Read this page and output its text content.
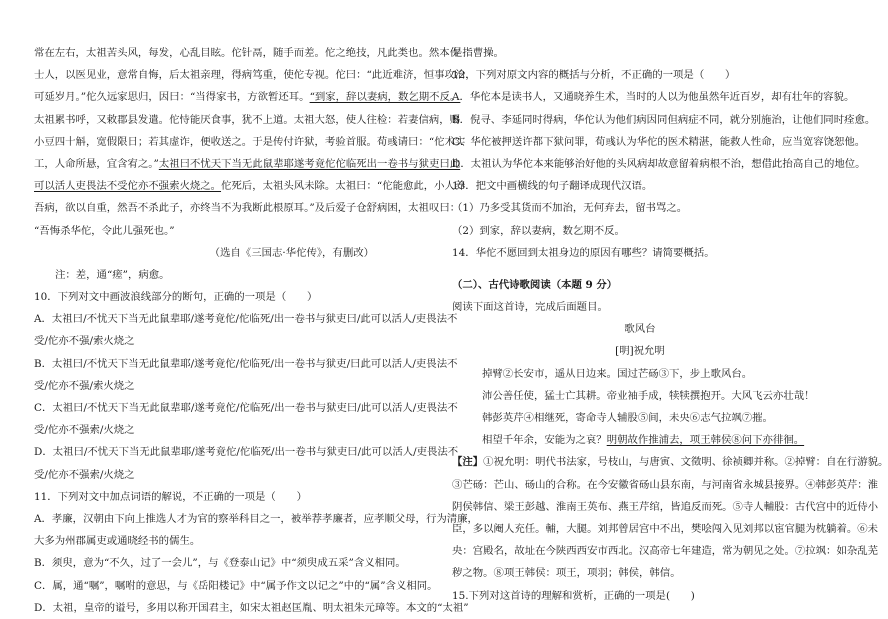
常在左右，太祖苦头风，每发，心乱目眩。佗针鬲，随手而差。佗之绝技，凡此类也。然本作
士人，以医见业，意常自悔，后太祖亲理，得病笃重，使佗专视。佗曰：“此近难济，恒事攻治，
可延岁月。”佗久远家思归，因曰：“当得家书，方欲暂还耳。“到家，辞以妻病，数乞期不反。
太祖累书呼，又敕郡县发遣。佗恃能厌食事，犹不上道。太祖大怒，使人往检：若妻信病，赐
小豆四十斛，宽假限日；若其虚诈，便收送之。于是传付许狱，考验首服。荀彧请曰：“佗术实
工，人命所悬，宜含宥之。”太祖曰不忧天下当无此鼠辈耶遂考竟佗佗临死出一卷书与狱吏曰此
可以活人吏畏法不受佗亦不强索火烧之。佗死后，太祖头风未除。太祖曰：“佗能愈此，小人养
吾病，欲以自重，然吾不杀此子，亦终当不为我断此根原耳。”及后爱子仓舒病困，太祖叹曰：
“吾悔杀华佗，令此儿强死也。”
（选自《三国志·华佗传》，有删改）
注：差，通“瘥”，病愈。
10．下列对文中画波浪线部分的断句，正确的一项是（　　）
A．太祖曰/不忧天下当无此鼠辈耶/遂考竟佗/佗临死/出一卷书与狱吏曰/此可以活人/吏畏法不
受/佗亦不强/索火烧之
B．太祖曰/不忧天下当无此鼠辈耶/遂考竟佗/佗临死/出一卷书与狱吏/曰此可以活人/吏畏法不
受/佗亦不强/索火烧之
C．太祖曰/不忧天下当无此鼠辈耶/遂考竟佗/佗临死/出一卷书与狱吏曰/此可以活人/吏畏法不
受/佗亦不强索/火烧之
D．太祖曰/不忧天下当无此鼠辈耶/遂考竟佗/佗临死/出一卷书与狱吏曰/此可以活人/吏畏法不
受/佗亦不强索/火烧之
11．下列对文中加点词语的解说，不正确的一项是（　　）
A．孝廉，汉朝由下向上推选人才为官的察举科目之一，被举荐孝廉者，应孝顺父母，行为清廉，
大多为州郡属吏或通晓经书的儒生。
B．须臾，意为“不久，过了一会儿”，与《登泰山记》中“须臾成五采”含义相同。
C．属，通“嘱”，嘱咐的意思，与《岳阳楼记》中“属予作文以记之”中的“属”含义相同。
D．太祖，皇帝的谥号，多用以称开国君主，如宋太祖赵匡胤、明太祖朱元璋等。本文的“太祖”
是指曹操。
12．下列对原文内容的概括与分析，不正确的一项是（　　）
A．华佗本是读书人，又通晓养生术，当时的人以为他虽然年近百岁，却有壮年的容貌。
B．倪寻、李延同时得病，华佗认为他们病因同但病症不同，就分别施治，让他们同时痊愈。
C．华佗被押送许都下狱问罪，荀彧认为华佗的医术精湛，能救人性命，应当宽容饶恕他。
D．太祖认为华佗本来能够治好他的头风病却故意留着病根不治，想借此抬高自己的地位。
13．把文中画横线的句子翻译成现代汉语。
（1）乃多受其货而不加治，无何弃去，留书骂之。
（2）到家，辞以妻病，数乞期不反。
14．华佗不愿回到太祖身边的原因有哪些？请简要概括。
（二）、古代诗歌阅读（本题 9 分）
阅读下面这首诗，完成后面题目。
歌风台
[明]祝允明
掉臂②长安市，遥从日边来。国过芒砀③下，步上歌风台。
沛公善任使，猛士亡其耕。帝业袖手成，犊犊撰抱开。大风飞云亦壮哉！
韩彭英芹④相继死，寄命寺人辅股⑤间，未央⑥志气拉飒⑦摧。
相望千年余，安能为之哀？明朝故作推浦去，项王韩侯⑧问下亦徘徊。
【注】①祝允明：明代书法家，号枝山，与唐寅、文徵明、徐祯卿并称。②掉臂：自在行游貌。
③芒砀：芒山、砀山的合称。在今安徽省砀山县东南，与河南省永城县接界。④韩彭英芹：淮
阴侯韩信、梁王彭越、淮南王英布、燕王芹绾，皆追反而死。⑤寺人輔股：古代宫中的近侍小
臣，多以阉人充任。輔，大腿。刘邦曾居宫中不出，樊哙闯入见刘邦以宦官腿为枕躺着。⑥未
央：宫殿名，故址在今陕西西安市西北。汉高帝七年建造，常为朝见之处。⑦拉飒：如杂乱芜
秽之物。⑧项王韩侯：项王，项羽；韩侯，韩信。
15.下列对这首诗的理解和赏析，正确的一项是(　　)
